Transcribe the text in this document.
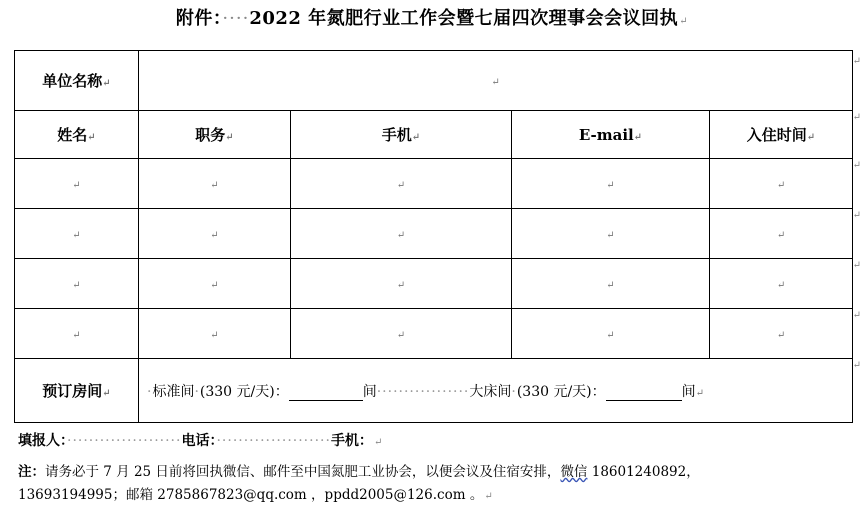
附件：····2022 年氮肥行业工作会暨七届四次理事会会议回执↵
单位名称↵	↵			
姓名↵	职务↵	手机↵	E-mail↵	入住时间↵
↵	↵	↵	↵	↵
↵	↵	↵	↵	↵
↵	↵	↵	↵	↵
↵	↵	↵	↵	↵
预订房间↵	·标准间·(330 元/天)： 间·················大床间·(330 元/天)： 间↵			
↵
↵
↵
↵
↵
↵
↵
填报人：·····················电话：·····················手机：↵
注：请务必于 7 月 25 日前将回执微信、邮件至中国氮肥工业协会，以便会议及住宿安排，微信 18601240892，
13693194995；邮箱 2785867823@qq.com ，ppdd2005@126.com 。↵
